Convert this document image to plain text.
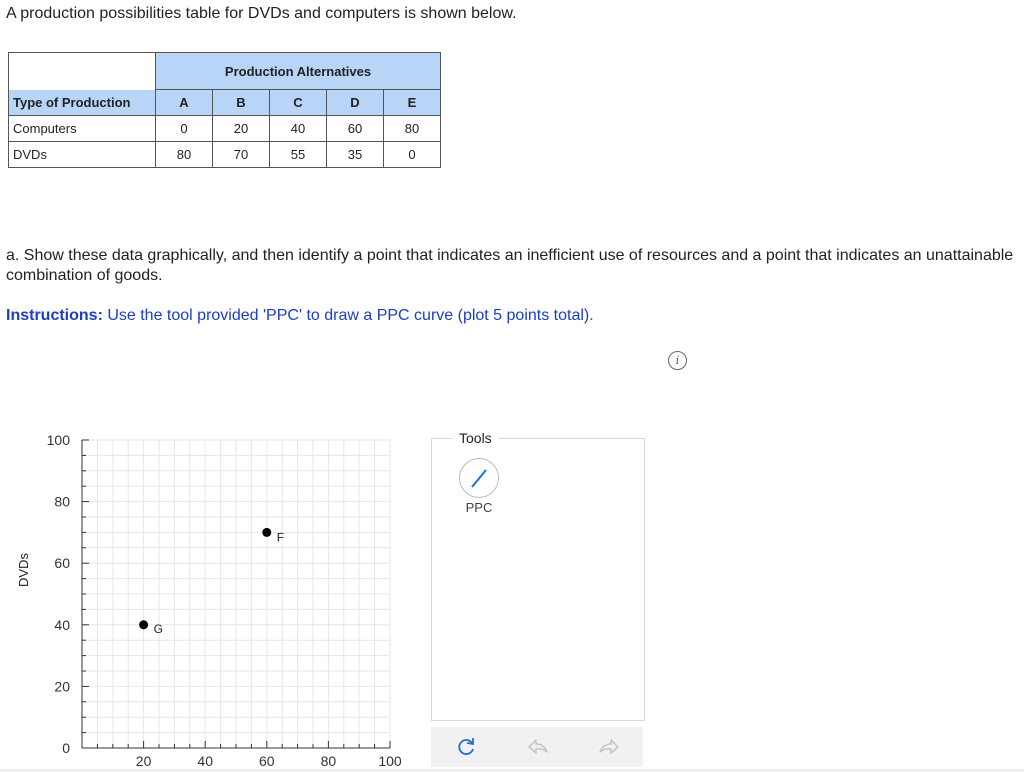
A production possibilities table for DVDs and computers is shown below.
	Production Alternatives				
Type of Production	A	B	C	D	E
Computers	0	20	40	60	80
DVDs	80	70	55	35	0
a. Show these data graphically, and then identify a point that indicates an inefficient use of resources and a point that indicates an unattainable combination of goods.
Instructions: Use the tool provided 'PPC' to draw a PPC curve (plot 5 points total).
i
DVDs
0
20
40
60
80
100
20	40	60	80	100
F
G
Tools
PPC
